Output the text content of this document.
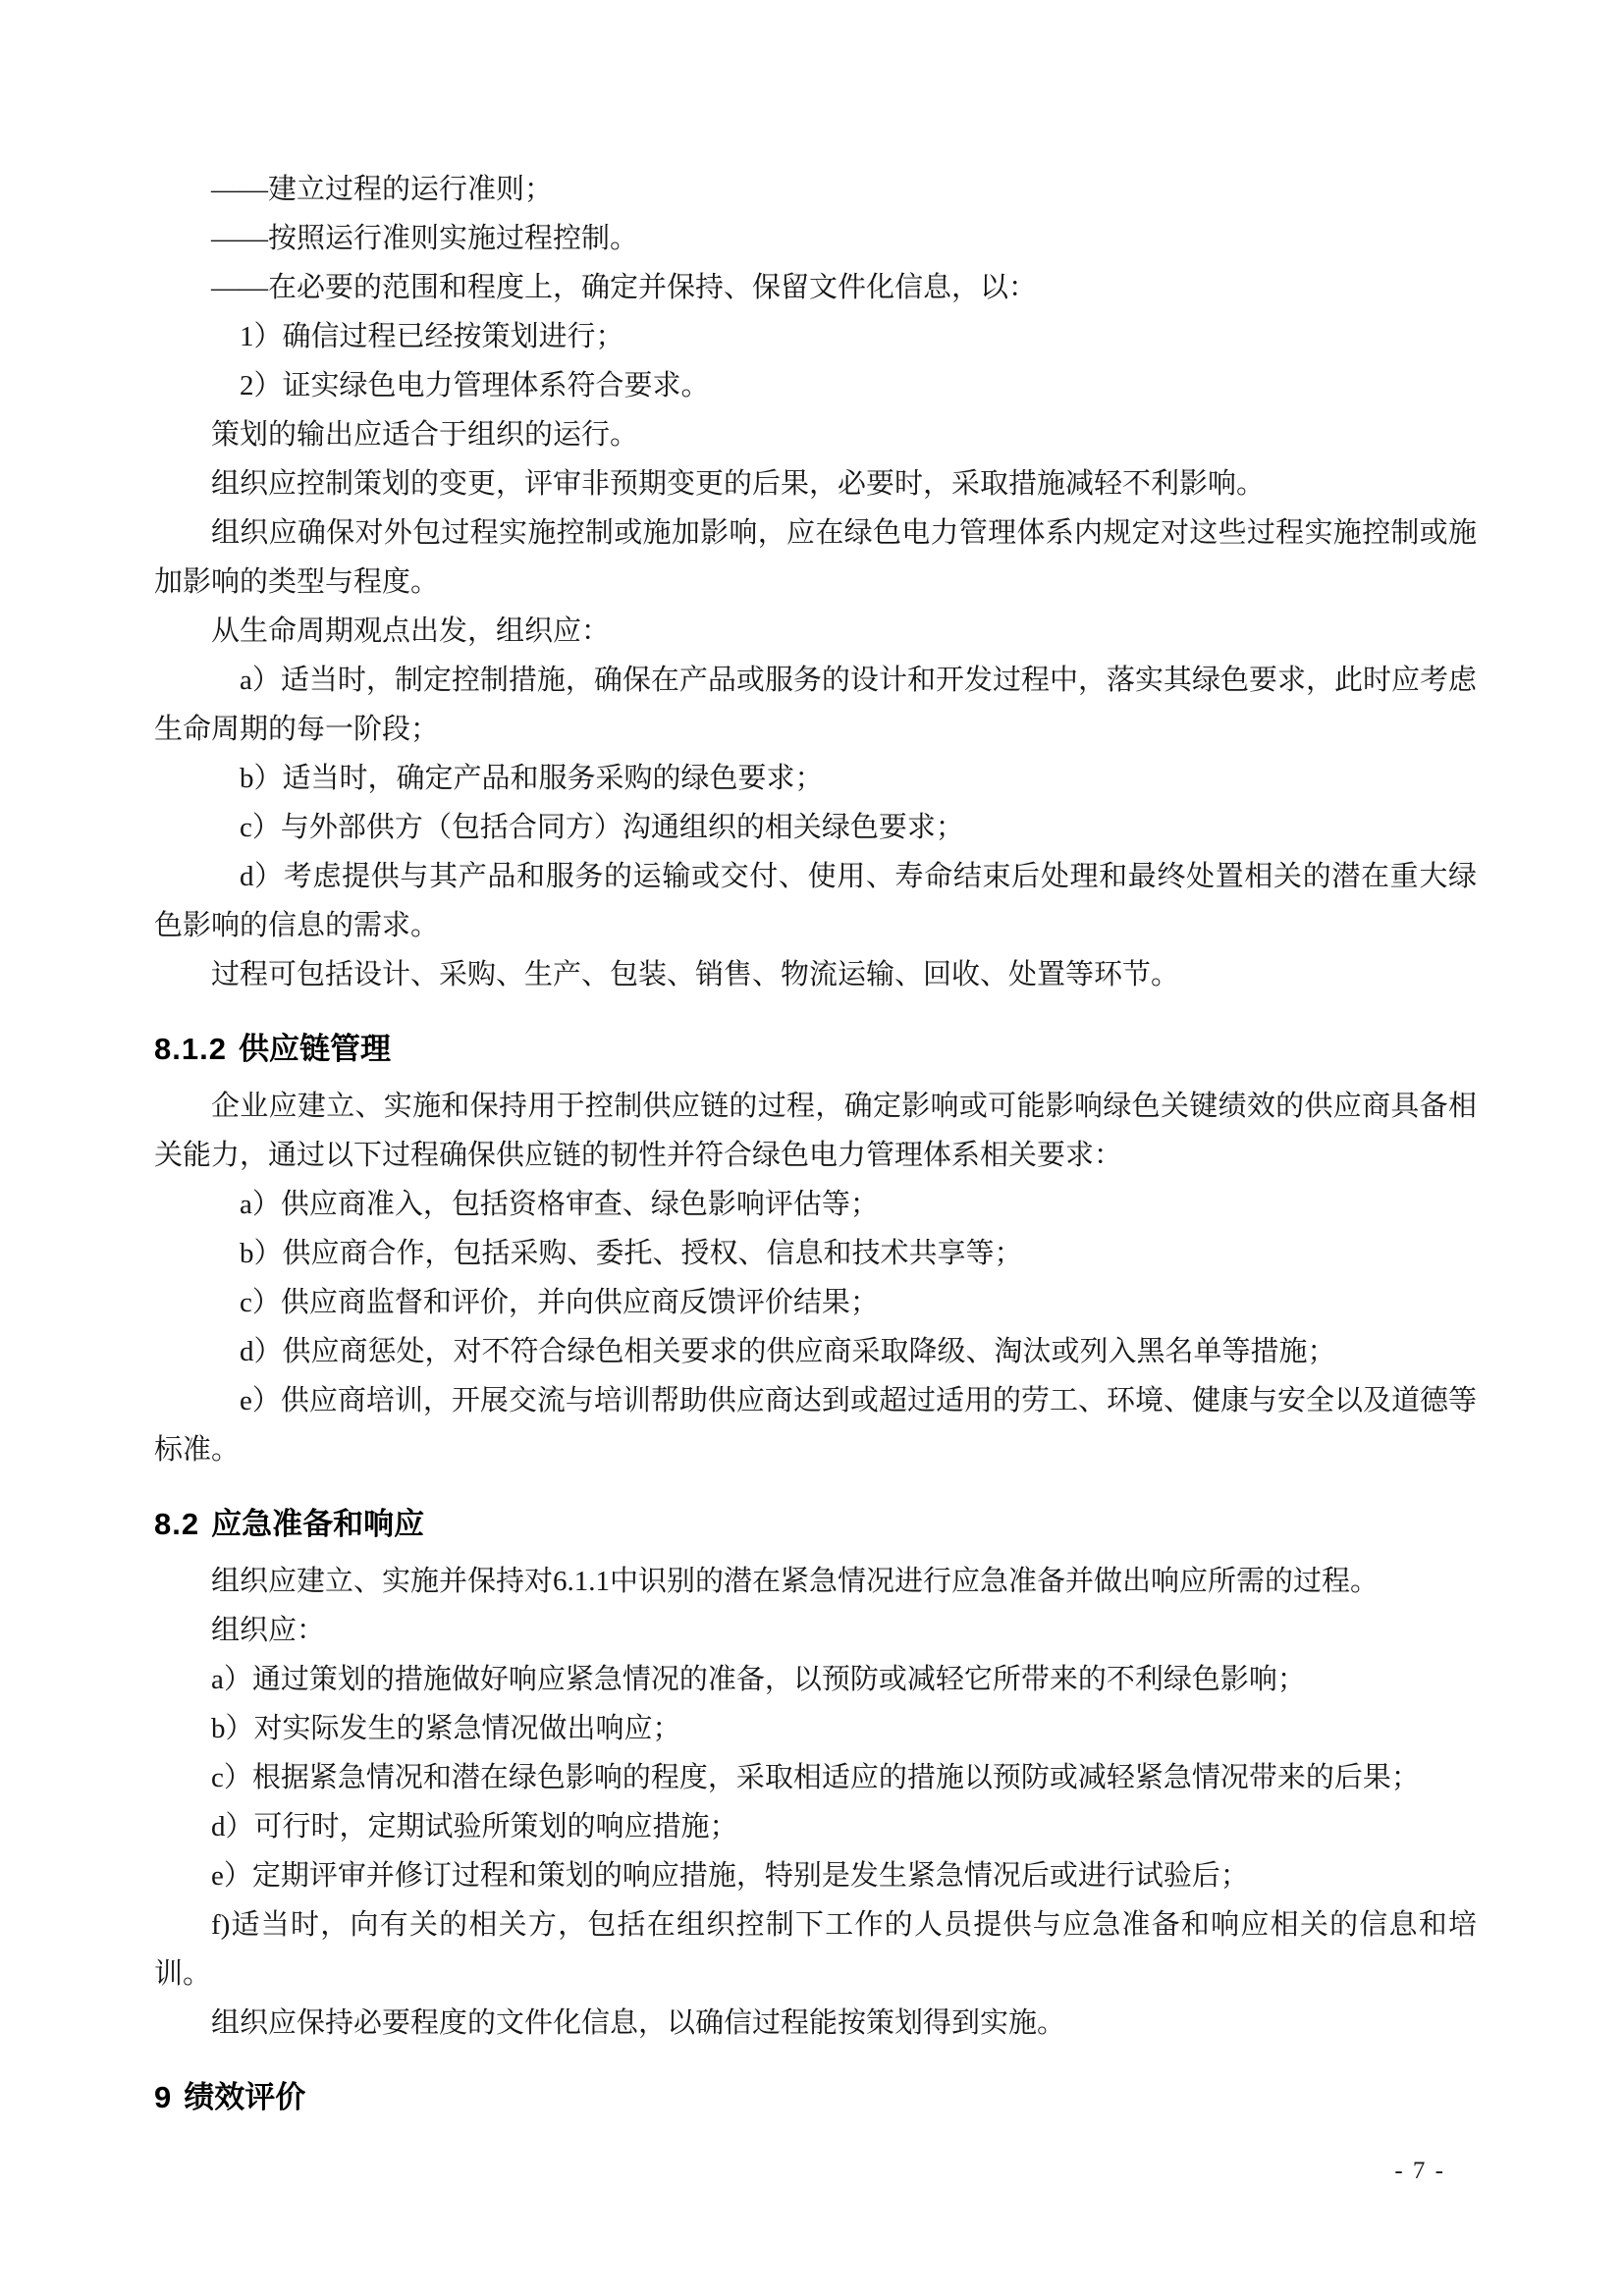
——建立过程的运行准则；

——按照运行准则实施过程控制。

——在必要的范围和程度上，确定并保持、保留文件化信息，以：

1）确信过程已经按策划进行；

2）证实绿色电力管理体系符合要求。

策划的输出应适合于组织的运行。

组织应控制策划的变更，评审非预期变更的后果，必要时，采取措施减轻不利影响。

组织应确保对外包过程实施控制或施加影响，应在绿色电力管理体系内规定对这些过程实施控制或施加影响的类型与程度。

从生命周期观点出发，组织应：

a）适当时，制定控制措施，确保在产品或服务的设计和开发过程中，落实其绿色要求，此时应考虑生命周期的每一阶段；

b）适当时，确定产品和服务采购的绿色要求；

c）与外部供方（包括合同方）沟通组织的相关绿色要求；

d）考虑提供与其产品和服务的运输或交付、使用、寿命结束后处理和最终处置相关的潜在重大绿色影响的信息的需求。

过程可包括设计、采购、生产、包装、销售、物流运输、回收、处置等环节。

8.1.2 供应链管理

企业应建立、实施和保持用于控制供应链的过程，确定影响或可能影响绿色关键绩效的供应商具备相关能力，通过以下过程确保供应链的韧性并符合绿色电力管理体系相关要求：

a）供应商准入，包括资格审查、绿色影响评估等；

b）供应商合作，包括采购、委托、授权、信息和技术共享等；

c）供应商监督和评价，并向供应商反馈评价结果；

d）供应商惩处，对不符合绿色相关要求的供应商采取降级、淘汰或列入黑名单等措施；

e）供应商培训，开展交流与培训帮助供应商达到或超过适用的劳工、环境、健康与安全以及道德等标准。

8.2 应急准备和响应

组织应建立、实施并保持对6.1.1中识别的潜在紧急情况进行应急准备并做出响应所需的过程。

组织应：

a）通过策划的措施做好响应紧急情况的准备，以预防或减轻它所带来的不利绿色影响；

b）对实际发生的紧急情况做出响应；

c）根据紧急情况和潜在绿色影响的程度，采取相适应的措施以预防或减轻紧急情况带来的后果；

d）可行时，定期试验所策划的响应措施；

e）定期评审并修订过程和策划的响应措施，特别是发生紧急情况后或进行试验后；

f)适当时，向有关的相关方，包括在组织控制下工作的人员提供与应急准备和响应相关的信息和培训。

组织应保持必要程度的文件化信息，以确信过程能按策划得到实施。

9 绩效评价

- 7 -
